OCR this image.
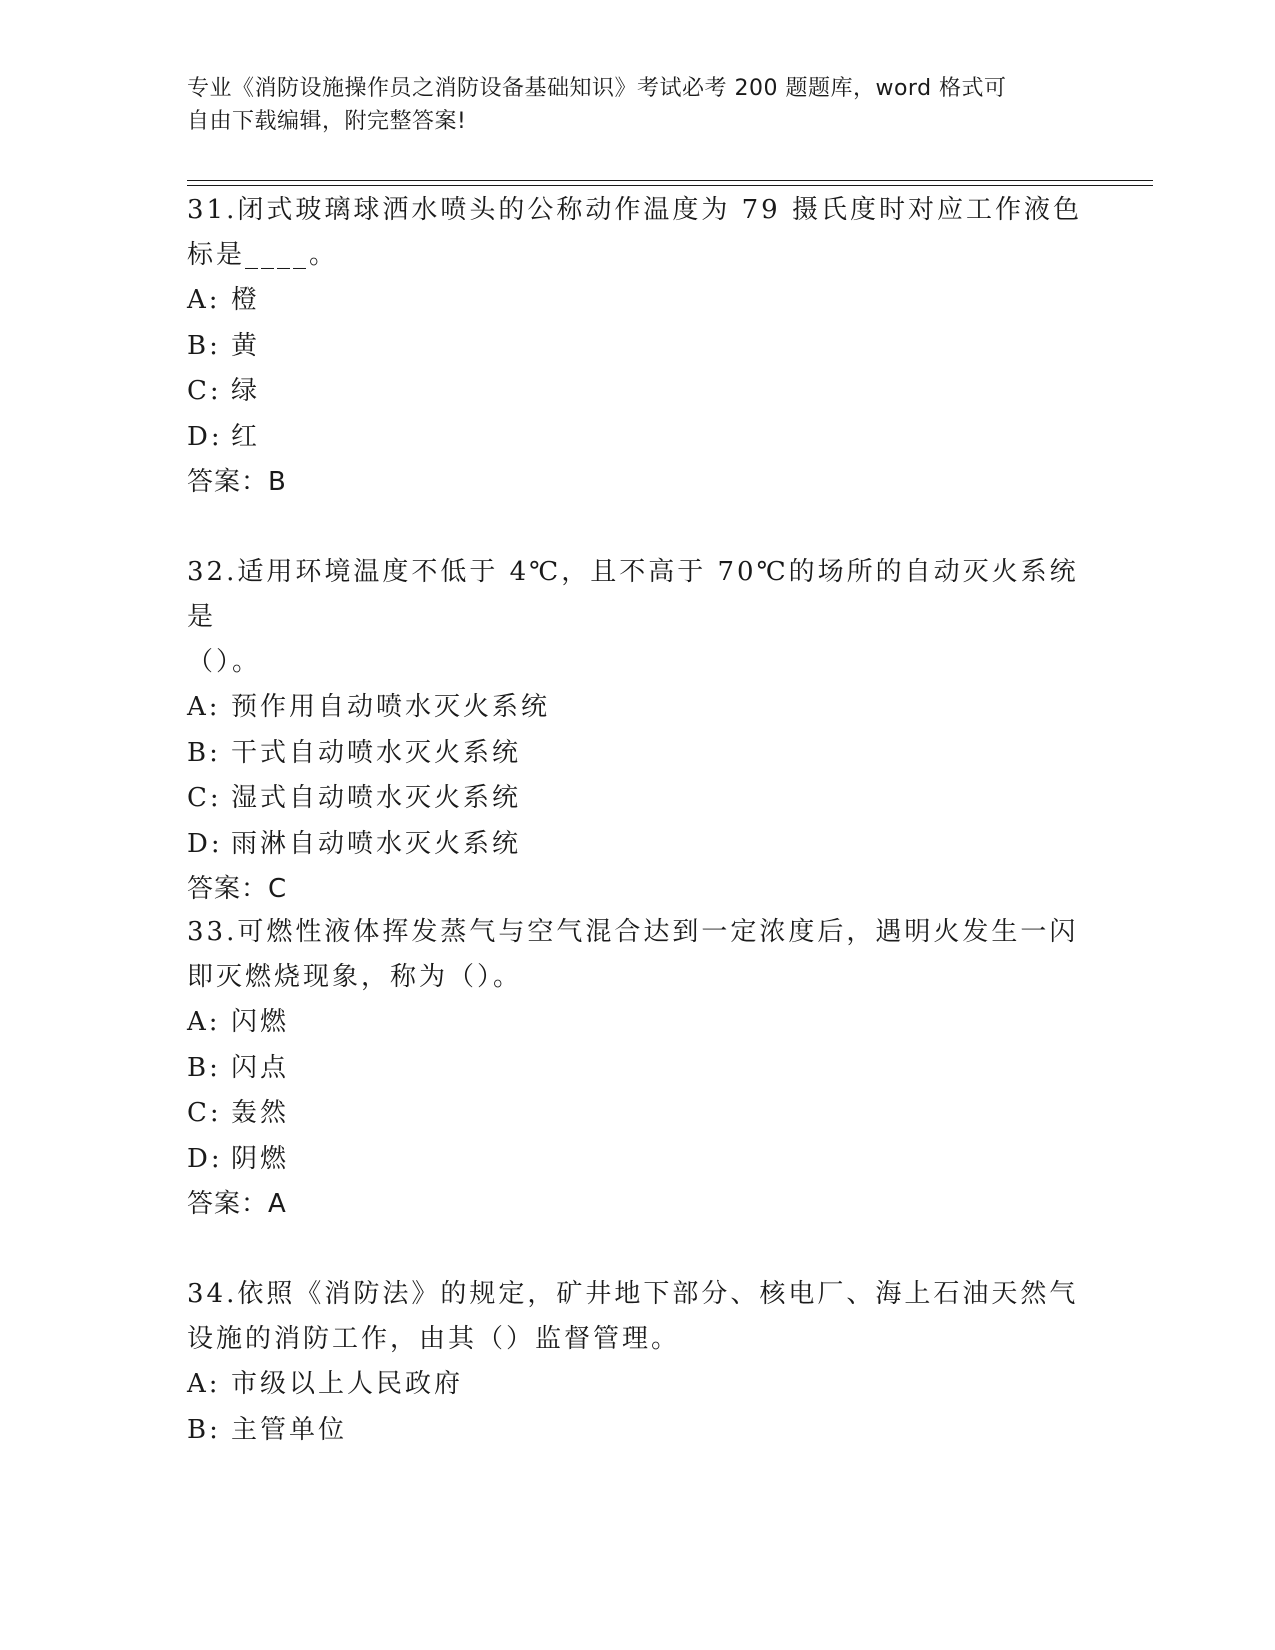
专业《消防设施操作员之消防设备基础知识》考试必考 200 题题库，word 格式可
自由下载编辑，附完整答案!

31.闭式玻璃球洒水喷头的公称动作温度为 79 摄氏度时对应工作液色
标是____。

A: 橙

B: 黄

C: 绿

D: 红

答案：B

32.适用环境温度不低于 4℃，且不高于 70℃的场所的自动灭火系统是
（）。

A: 预作用自动喷水灭火系统

B: 干式自动喷水灭火系统

C: 湿式自动喷水灭火系统

D: 雨淋自动喷水灭火系统

答案：C

33.可燃性液体挥发蒸气与空气混合达到一定浓度后，遇明火发生一闪
即灭燃烧现象，称为（）。

A: 闪燃

B: 闪点

C: 轰然

D: 阴燃

答案：A

34.依照《消防法》的规定，矿井地下部分、核电厂、海上石油天然气
设施的消防工作，由其（）监督管理。

A: 市级以上人民政府

B: 主管单位
